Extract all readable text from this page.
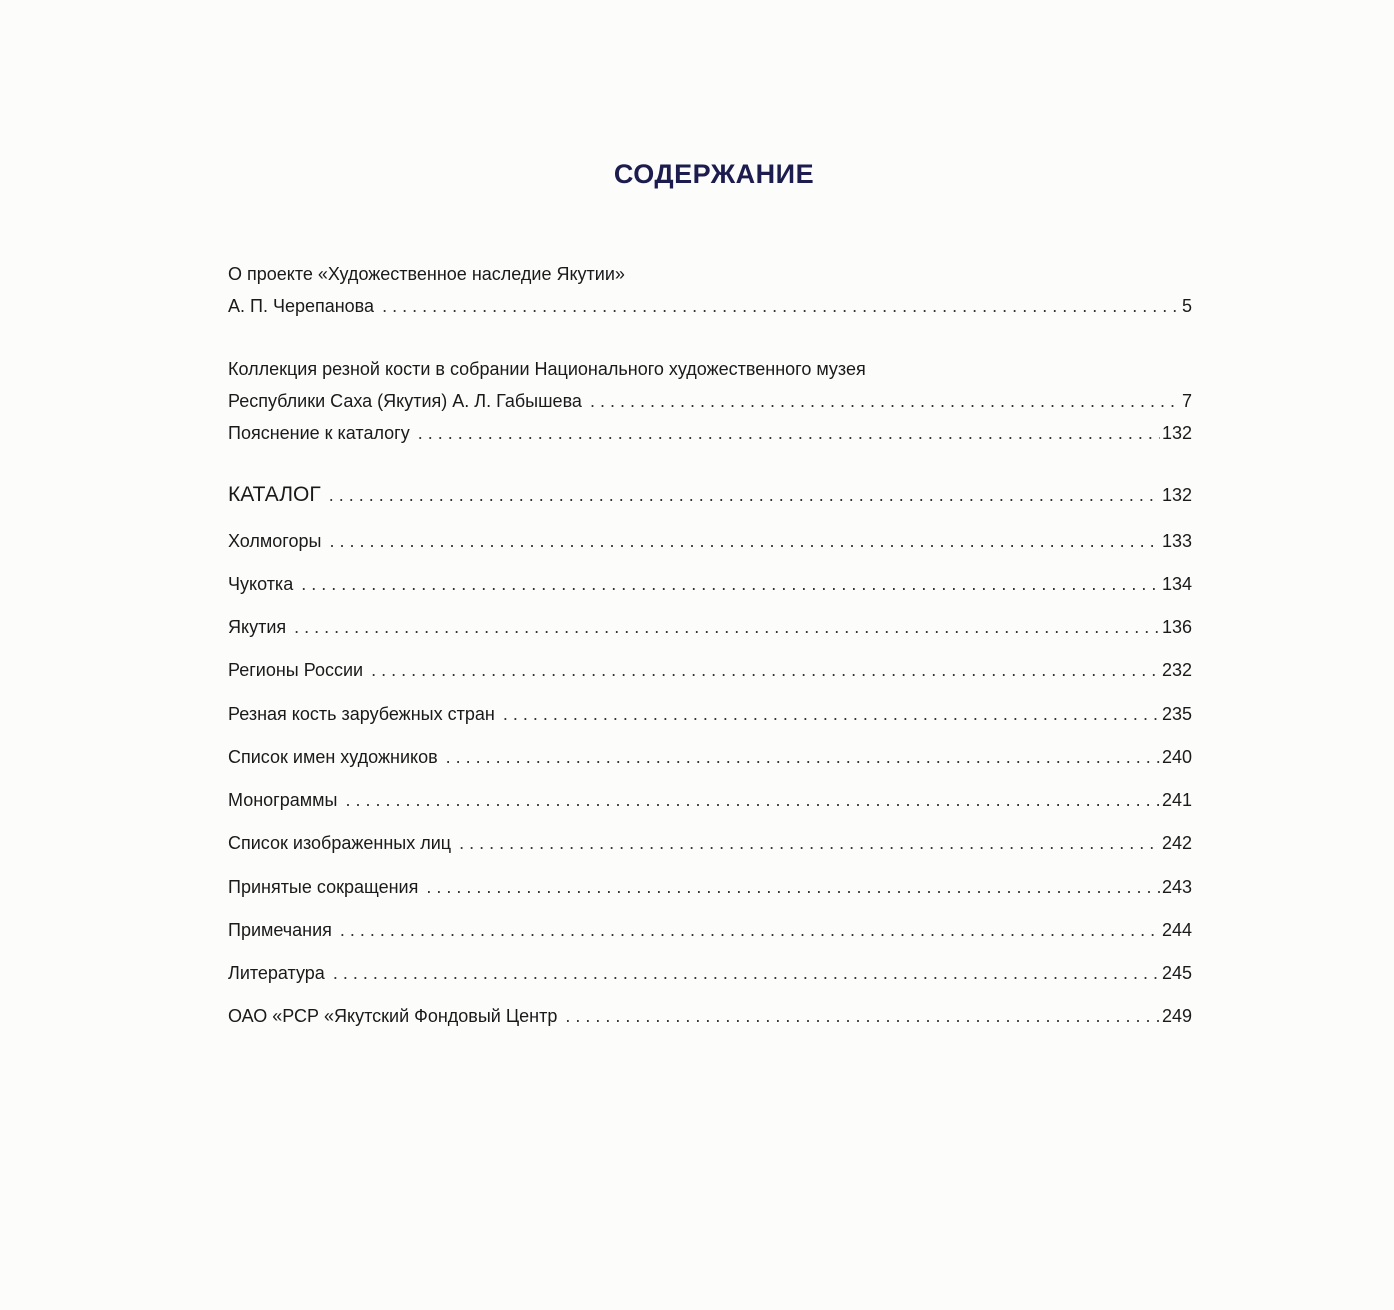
СОДЕРЖАНИЕ
О проекте «Художественное наследие Якутии»
А. П. Черепанова . . .	5
Коллекция резной кости в собрании Национального художественного музея
Республики Саха (Якутия) А. Л. Габышева . . .	7
Пояснение к каталогу . . .	132
КАТАЛОГ . . .	132
Холмогоры . . .	133
Чукотка . . .	134
Якутия . . .	136
Регионы России . . .	232
Резная кость зарубежных стран . . .	235
Список имен художников . . .	240
Монограммы . . .	241
Список изображенных лиц . . .	242
Принятые сокращения . . .	243
Примечания . . .	244
Литература . . .	245
ОАО «РСР «Якутский Фондовый Центр . . .	249
